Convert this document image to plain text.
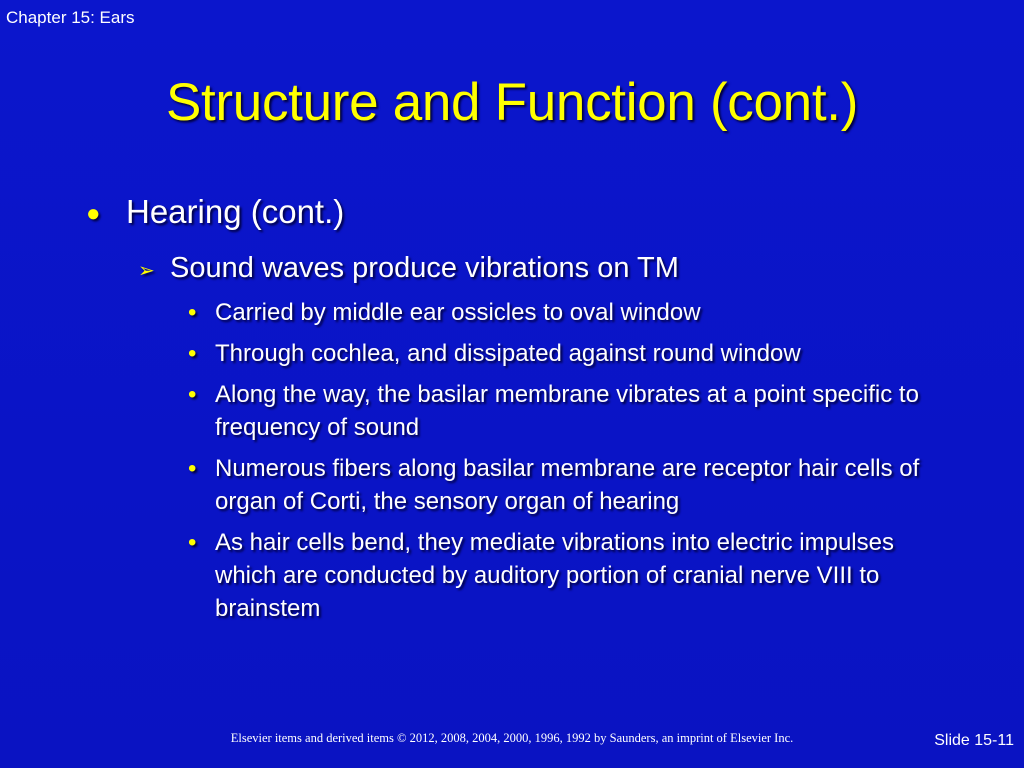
Chapter 15: Ears
Structure and Function (cont.)
● Hearing (cont.)
➢ Sound waves produce vibrations on TM
• Carried by middle ear ossicles to oval window
• Through cochlea, and dissipated against round window
• Along the way, the basilar membrane vibrates at a point specific to frequency of sound
• Numerous fibers along basilar membrane are receptor hair cells of organ of Corti, the sensory organ of hearing
• As hair cells bend, they mediate vibrations into electric impulses which are conducted by auditory portion of cranial nerve VIII to brainstem
Elsevier items and derived items © 2012, 2008, 2004, 2000, 1996, 1992 by Saunders, an imprint of Elsevier Inc.	Slide 15-11
